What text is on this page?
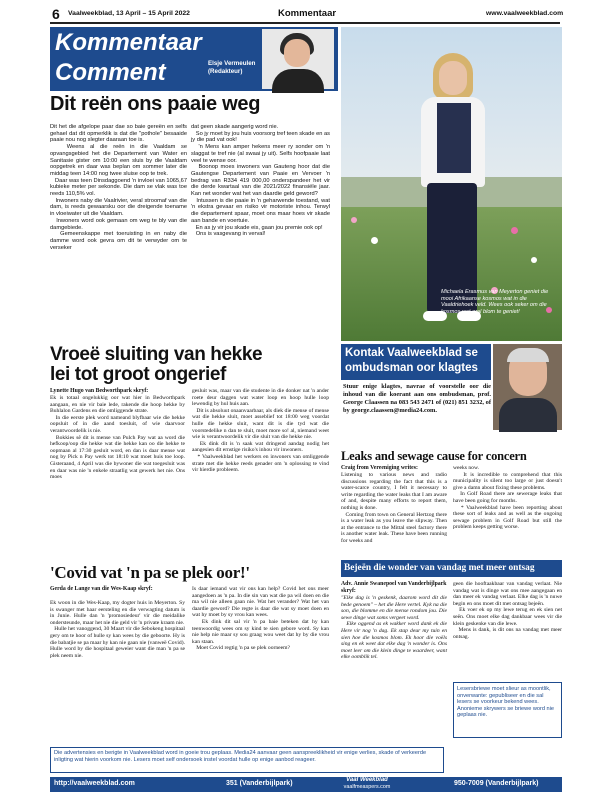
6 Vaalweekblad, 13 April – 15 April 2022	Kommentaar	www.vaalweekblad.com
Kommentaar
Comment	Elsje Vermeulen
(Redakteur)
Dit reën ons paaie weg
Dit het die afgelope paar dae so baie gereën en selfs gehael dat dit opmerklik is dat die "pothole" besaaide paaie nou nog slegter daaraan toe is.
Weens al die reën in die Vaaldam se opvangsgebied het die Departement van Water en Sanitasie gister om 10:00 een sluis by die Vaaldam oopgetrek en daar was beplan om sommer later die middag teen 14:00 nog twee sluise oop te trek.
Daar was teen Dinsdaggoend 'n invloei van 1065,67 kubieke meter per sekonde. Die dam se vlak was toe reeds 110,5% vol.
Inwoners naby die Vaalrivier, veral stroomaf van die dam, is reeds gewaarsku oor die dreigende toename in vloeiwater uit die Vaaldam.
Inwoners word ook gemaan om weg te bly van die damgebiede.
Gemeenskappe met toeruisting in en naby die damme word ook gevra om dit te verwyder om te verseker
dat geen skade aangerig word nie.
So jy moet by jou huis voorsorg tref teen skade en as jy die pad vat ook!
'n Mens kan amper hekens meer ry sonder om 'n slaggat te tref nie (al swaai jy uit). Selfs hoofpaaie laat veel te wense oor.
Boonop moes inwoners van Gauteng hoor dat die Gautengse Departement van Paaie en Vervoer 'n bedrag van R334 419 000,00 onderspandeer het vir die derde kwartaal van die 2021/2022 finansiële jaar. Kan net wonder wat het van daardie geld geword?
Intussen is die paaie in 'n geharwende toestand, wat 'n ekstra gevaar en risiko vir motoriste inhou. Terwyl die departement spaar, moet ons maar hoes vir skade aan bande en voertuie.
En as jy vir jou skade eis, gaan jou premie ook op!
Ons is vasgevang in verval!
Michaela Erasmus van Meyerton geniet die mooi Afrikaanse kosmos wat in die Vaaldriehoek veld. Wees ook seker om die kosmos wat oral blom te geniet!
Vroeë sluiting van hekke
lei tot groot ongerief
Lynette Hugo van Bedworthpark skryf:
Ek is totaal ongelukkig oor wat hier in Bedworthpark aangaan, en nie vir baie lede, rakende die hoop hekke by Buhlalon Gardens en die omliggende strate.
In die eerste plek word nameand blyfbaar wie die hekke oopsluit of in die aand toesluit, of wie daarvoor verantwoordelik is nie.
Bokkies sê dit is mense van Pulch Pay wat aa word die hefkoop/oop die hekke wat die hekke kan oo die hekke te oopmaan al 17:30 gesluit word, en dan is daar mense wat nog by Pick n Pay werk tot 18:10 wat moet huis toe loop. Gisteraand, 4 April was die bywoner die wat toegesluit was en daar was nie 'n enkele straatlig wat gewerk het nie. Ons moes
gesluit was, maar van die studente in die donker nat 'n ander roete deur daggen wat water loop en hoop hulle loop lewendig by hul huis aan.
Dit is absoluut onaanvaarbaar, als diek die mense of mense wat die hekke sluit, moet asseblief tot 18:00 weg voordat hulle die hekke sluit, want dit is die tyd wat die voorstedelike n dan te sluit, moet more so! al, niemand weet wie is verantwoordelik vir die sluit van die hekke nie.
Ek dink dit is 'n saak wat dringend aandag nodig het aangesien dit ernstige risiko's inhou vir inwoners.
* Vaalweekblad het werkers en inwoners van omliggende strate met die hekke reeds genader om 'n oplossing te vind vir hierdie probleem.
Kontak Vaalweekblad se
ombudsman oor klagtes
Stuur enige klagtes, navrae of voorstelle oor die inhoud van die koerant aan ons ombudsman, prof. George Claassen na 083 543 2471 of (021) 851 3232, of by george.claassen@media24.com.
Leaks and sewage cause for concern
Craig from Vereeniging writes:
Listening to various news and radio discussions regarding the fact that this is a water-scarce country, I felt it necessary to write regarding the water leaks that I am aware of and, despite many efforts to report them, nothing is done.
Coming from town on General Hertzog there is a water leak as you leave the slipway. Then at the entrance to the Mittal steel factory there is another water leak. These have been running for weeks and
weeks now.
It is incredible to comprehend that this municipality is silent too large or just doesn't give a damn about fixing these problems.
In Golf Road there are sewerage leaks that have been going for months.
* Vaalweekblad have been reporting about these sort of leaks and as well as the ongoing sewage problem in Golf Road but still the problem keeps getting worse.
'Covid vat 'n pa se plek oor!'
Gerda de Lange van die Wes-Kaap skryf:
Ek woon in die Wes-Kaap, my dogter huis in Meyerton. Sy is swanger met haar eersteling en die verwagting datum is in Junie. Hulle dan 'n 'promosiedeur' vir die meidalike ondersteunde, maar het nie die geld vir 'n private kraam nie.
Hulle het vanoggend, 30 Maart vir die Sebokeng hospitaal gery om te hoor of hulle sy kan wees by die geboorte. Hy is die babatjie se pa maar hy kan nie gaan nie (vanweë Covid). Hulle word by die hospitaal geweier want die man 'n pa se plek neem nie.
Is daar iemand wat vir ons kan help? Covid het ons meer aangedoen as 'n pa. In die sin van wat die pa wil doen en die ma wil nie alleen gaan nie. Wat het verander? Wat het van daardie geword? Die regte is daar die wat sy moet doen en wat hy moet by sy vrou kan wees.
Ek dink dit sal vir 'n pa baie beteken dat hy kan teenwoordig wees om sy kind te sien gebore word. Sy kan nie help nie maar sy sou graag wou weet dat hy by die vrou kan staan.
Moet Covid regtig 'n pa se plek oorneem?
Bejeën die wonder van vandag met meer ontsag
Adv. Annie Swanepoel van Vanderbijlpark skryf:
"Elke dag is 'n geskenk, daarom word dit die hede genoem" – het die Here vertel. Kyk na die son, die blomme en die mense rondom jou. Die sewe dinge wat soms vergeet word.
Elke oggend as ek wakker word dank ek die Here vir nog 'n dag. Ek stap deur my tuin en sien hoe die kosmos blom. Ek hoor die voëls sing en ek weet dat elke dag 'n wonder is. Ons moet leer om die klein dinge te waardeer, want elke oomblik tel.
geen die hooftaakbaar van vandag verlaat. Nie vandag wat is dinge wat ons mee aangegaan en dan meer ek vandag verlaat. Elke dag is 'n nuwe begin en ons moet dit met ontsag bejeën.
Ek voer ek op my lewe terug en ek sien net seën. Ons moet elke dag dankbaar wees vir die klein geskenke van die lewe.
Mens is dank, is dit ons na vandag met meer ontsag.
Lesersbriewe moet slieur as moontlik, onverwante: gepubliseer en die sal lesers se voorkeur bekend wees. Anonieme skrywers se briewe word nie geplaas nie.
Die advertensies en berigte in Vaalweekblad word in goeie trou geplaas. Media24 aanvaar geen aanspreeklikheid vir enige verlies, skade of verkeerde inligting wat hierin voorkom nie. Lesers moet self ondersoek instel voordat hulle op enige aanbod reageer.
http://vaalweekblad.com	351 (Vanderbijlpark)	Vaal Weekblad
vaalfmeaspers.com	950-7009 (Vanderbijlpark)
